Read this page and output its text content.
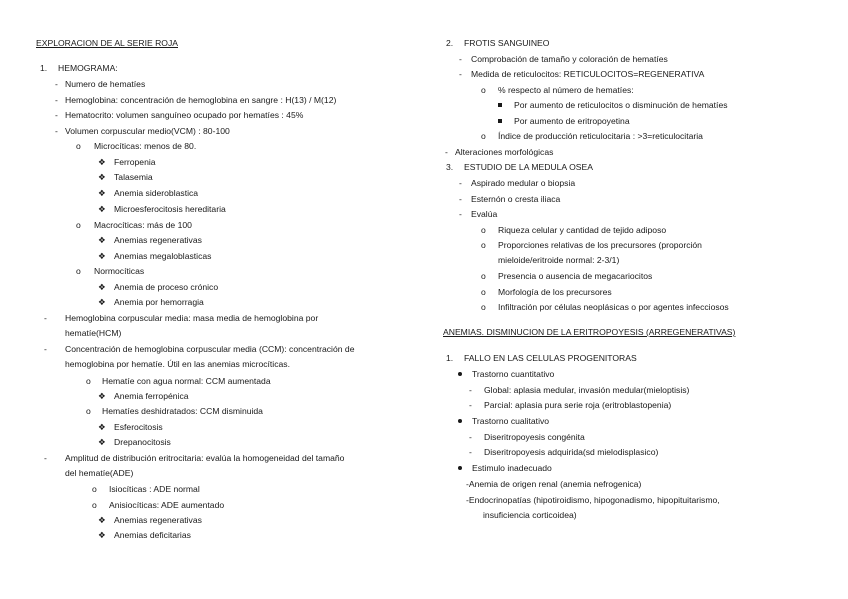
EXPLORACION DE AL SERIE ROJA
1. HEMOGRAMA:
- Numero de hematíes
- Hemoglobina: concentración de hemoglobina en sangre : H(13) / M(12)
- Hematocrito: volumen sanguíneo ocupado por hematíes : 45%
- Volumen corpuscular medio(VCM) : 80-100
o Microcíticas: menos de 80.
❖ Ferropenia
❖ Talasemia
❖ Anemia sideroblastica
❖ Microesferocitosis hereditaria
o Macrocíticas: más de 100
❖ Anemias regenerativas
❖ Anemias megaloblasticas
o Normocíticas
❖ Anemia de proceso crónico
❖ Anemia por hemorragia
- Hemoglobina corpuscular media: masa media de hemoglobina por
hematíe(HCM)
- Concentración de hemoglobina corpuscular media (CCM): concentración de
hemoglobina por hematíe. Útil en las anemias microcíticas.
o Hematíe con agua normal: CCM aumentada
❖ Anemia ferropénica
o Hematíes deshidratados: CCM disminuida
❖ Esferocitosis
❖ Drepanocitosis
- Amplitud de distribución eritrocitaria: evalúa la homogeneidad del tamaño
del hematíe(ADE)
o Isiocíticas : ADE normal
o Anisiocíticas: ADE aumentado
❖ Anemias regenerativas
❖ Anemias deficitarias
2. FROTIS SANGUINEO
- Comprobación de tamaño y coloración de hematíes
- Medida de reticulocitos: RETICULOCITOS=REGENERATIVA
o % respecto al número de hematíes:
Por aumento de reticulocitos o disminución de hematíes
Por aumento de eritropoyetina
o Índice de producción reticulocitaria : >3=reticulocitaria
- Alteraciones morfológicas
3. ESTUDIO DE LA MEDULA OSEA
- Aspirado medular o biopsia
- Esternón o cresta iliaca
- Evalúa
o Riqueza celular y cantidad de tejido adiposo
o Proporciones relativas de los precursores (proporción
mieloide/eritroide normal: 2-3/1)
o Presencia o ausencia de megacariocitos
o Morfología de los precursores
o Infiltración por células neoplásicas o por agentes infecciosos
ANEMIAS. DISMINUCION DE LA ERITROPOYESIS (ARREGENERATIVAS)
1. FALLO EN LAS CELULAS PROGENITORAS
Trastorno cuantitativo
- Global: aplasia medular, invasión medular(mieloptisis)
- Parcial: aplasia pura serie roja (eritroblastopenia)
Trastorno cualitativo
- Diseritropoyesis congénita
- Diseritropoyesis adquirida(sd mielodisplasico)
Estimulo inadecuado
-Anemia de origen renal (anemia nefrogenica)
-Endocrinopatías (hipotiroidismo, hipogonadismo, hipopituitarismo,
insuficiencia corticoidea)
